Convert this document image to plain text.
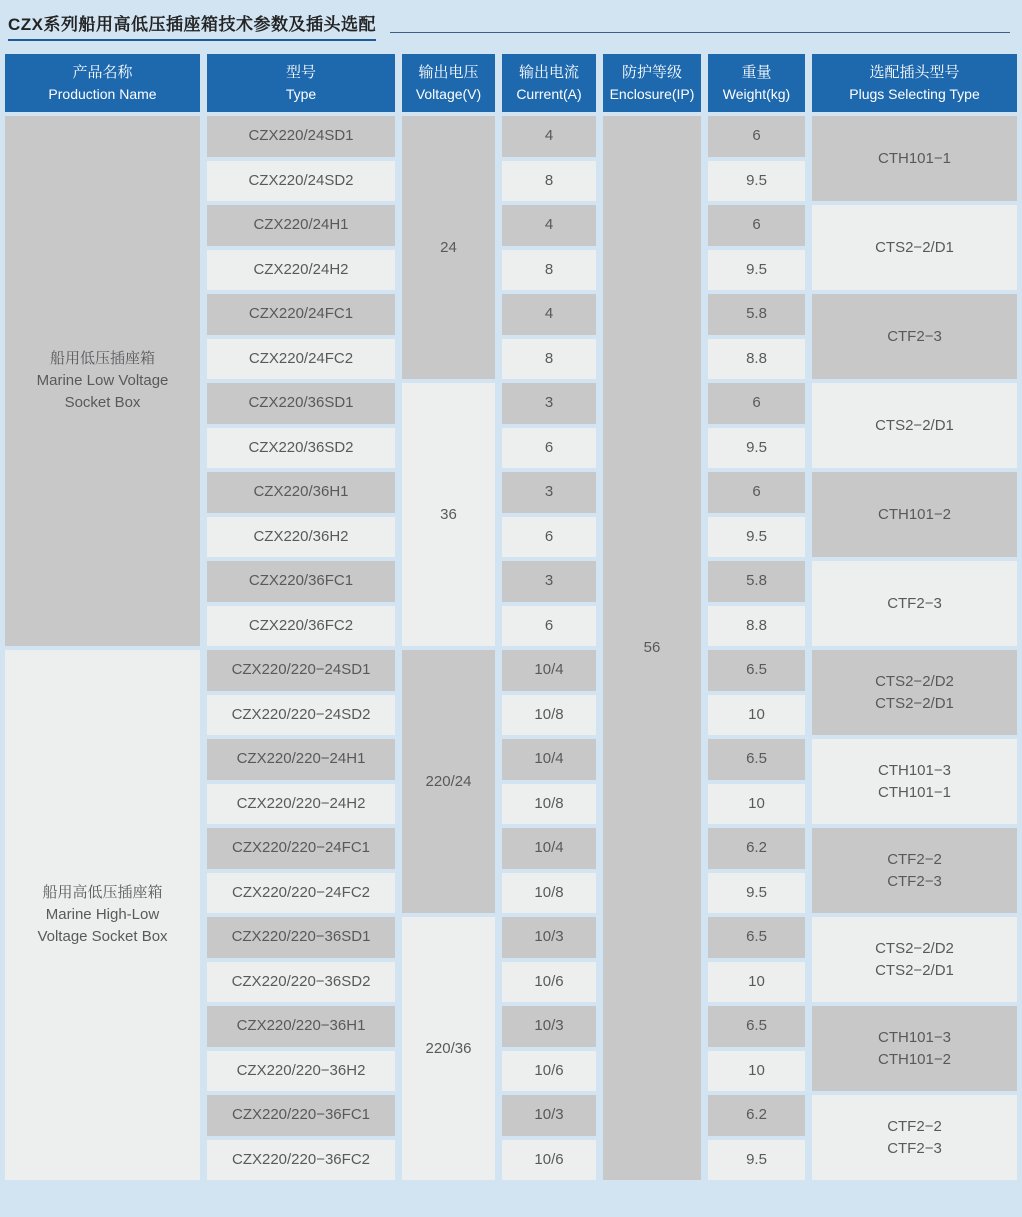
CZX系列船用高低压插座箱技术参数及插头选配
产品名称
Production Name
型号
Type
输出电压
Voltage(V)
输出电流
Current(A)
防护等级
Enclosure(IP)
重量
Weight(kg)
选配插头型号
Plugs Selecting Type
船用低压插座箱
Marine Low Voltage
Socket Box
船用高低压插座箱
Marine High-Low
Voltage Socket Box
CZX220/24SD1
CZX220/24SD2
CZX220/24H1
CZX220/24H2
CZX220/24FC1
CZX220/24FC2
CZX220/36SD1
CZX220/36SD2
CZX220/36H1
CZX220/36H2
CZX220/36FC1
CZX220/36FC2
CZX220/220−24SD1
CZX220/220−24SD2
CZX220/220−24H1
CZX220/220−24H2
CZX220/220−24FC1
CZX220/220−24FC2
CZX220/220−36SD1
CZX220/220−36SD2
CZX220/220−36H1
CZX220/220−36H2
CZX220/220−36FC1
CZX220/220−36FC2
24
36
220/24
220/36
4
8
4
8
4
8
3
6
3
6
3
6
10/4
10/8
10/4
10/8
10/4
10/8
10/3
10/6
10/3
10/6
10/3
10/6
56
6
9.5
6
9.5
5.8
8.8
6
9.5
6
9.5
5.8
8.8
6.5
10
6.5
10
6.2
9.5
6.5
10
6.5
10
6.2
9.5
CTH101−1
CTS2−2/D1
CTF2−3
CTS2−2/D1
CTH101−2
CTF2−3
CTS2−2/D2
CTS2−2/D1
CTH101−3
CTH101−1
CTF2−2
CTF2−3
CTS2−2/D2
CTS2−2/D1
CTH101−3
CTH101−2
CTF2−2
CTF2−3
